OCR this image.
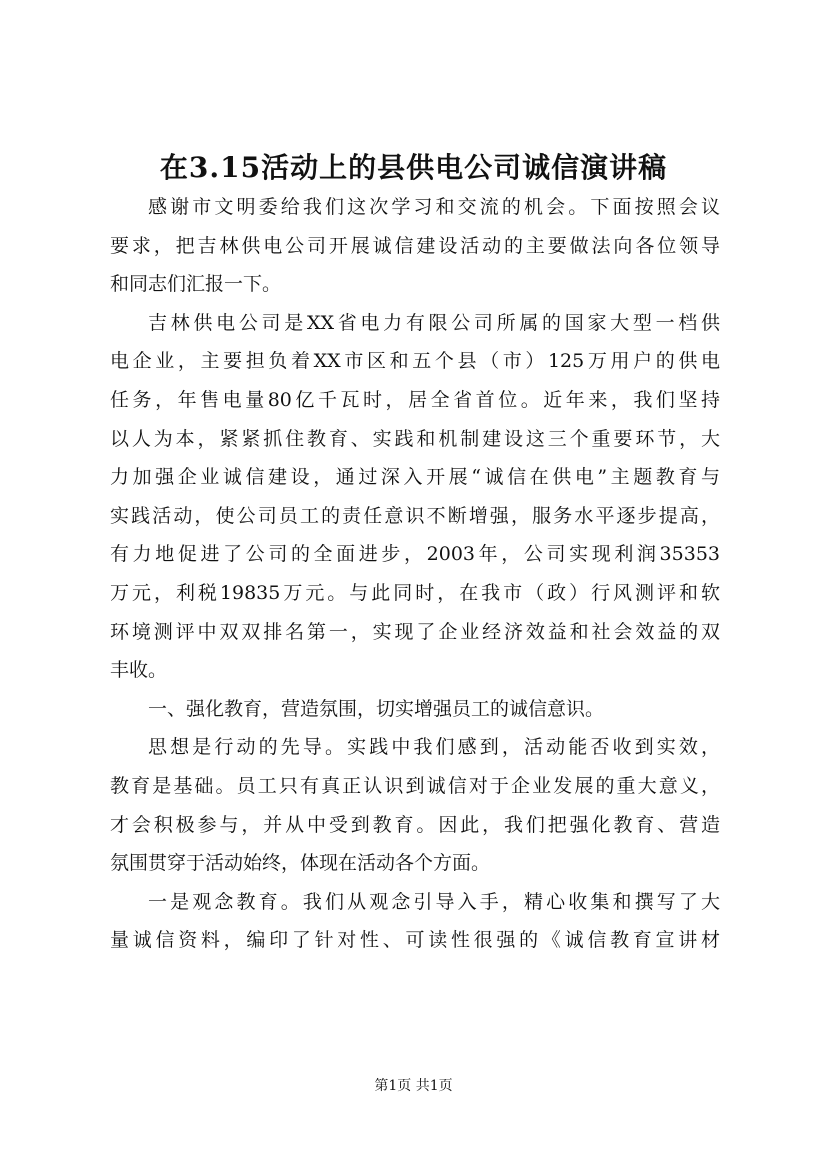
在3.15活动上的县供电公司诚信演讲稿

感谢市文明委给我们这次学习和交流的机会。下面按照会议
要求，把吉林供电公司开展诚信建设活动的主要做法向各位领导
和同志们汇报一下。

吉林供电公司是XX省电力有限公司所属的国家大型一档供
电企业，主要担负着XX市区和五个县（市）125万用户的供电
任务，年售电量80亿千瓦时，居全省首位。近年来，我们坚持
以人为本，紧紧抓住教育、实践和机制建设这三个重要环节，大
力加强企业诚信建设，通过深入开展“诚信在供电”主题教育与
实践活动，使公司员工的责任意识不断增强，服务水平逐步提高，
有力地促进了公司的全面进步，2003年，公司实现利润35353
万元，利税19835万元。与此同时，在我市（政）行风测评和软
环境测评中双双排名第一，实现了企业经济效益和社会效益的双
丰收。

一、强化教育，营造氛围，切实增强员工的诚信意识。

思想是行动的先导。实践中我们感到，活动能否收到实效，
教育是基础。员工只有真正认识到诚信对于企业发展的重大意义，
才会积极参与，并从中受到教育。因此，我们把强化教育、营造
氛围贯穿于活动始终，体现在活动各个方面。

一是观念教育。我们从观念引导入手，精心收集和撰写了大
量诚信资料，编印了针对性、可读性很强的《诚信教育宣讲材

第1页 共1页
